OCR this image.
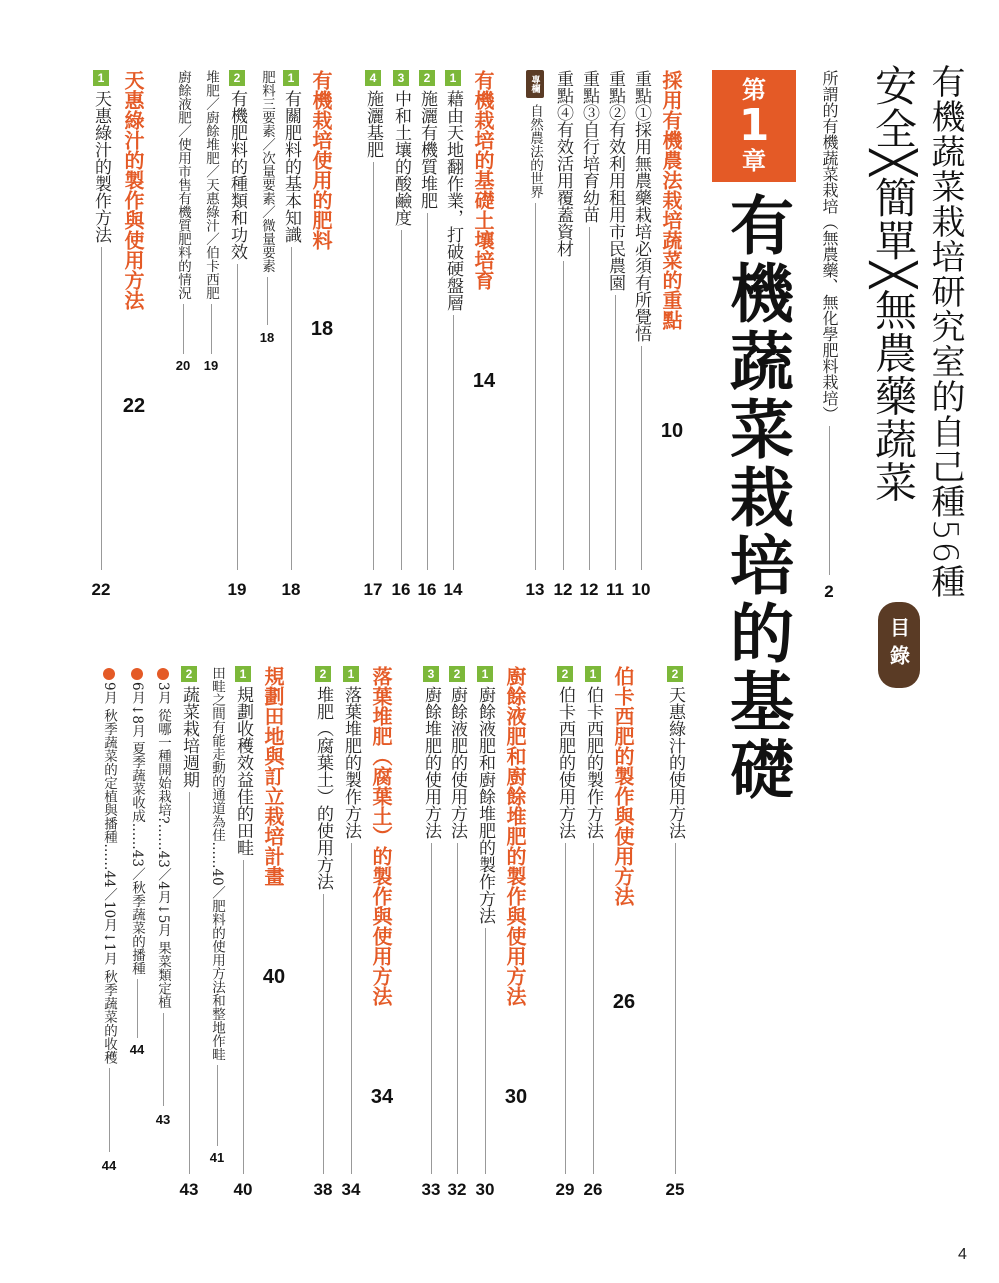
有機蔬菜栽培研究室的自己種56種
安全╳簡單╳無農藥蔬菜
目錄
所謂的有機蔬菜栽培（無農藥、無化學肥料栽培）
2
第
1
章
有機蔬菜栽培的基礎
採用有機農法栽培蔬菜的重點
10
重點①採用無農藥栽培必須有所覺悟
10
重點②有效利用租用市民農園
11
重點③自行培育幼苗
12
重點④有效活用覆蓋資材
12
專欄
自然農法的世界
13
有機栽培的基礎土壤培育
14
1
藉由天地翻作業，打破硬盤層
14
2
施灑有機質堆肥
16
3
中和土壤的酸鹼度
16
4
施灑基肥
17
有機栽培使用的肥料
18
1
有關肥料的基本知識
18
肥料三要素／次量要素／微量要素
18
2
有機肥料的種類和功效
19
堆肥／廚餘堆肥／天惠綠汁／伯卡西肥
19
廚餘液肥／使用市售有機質肥料的情況
20
天惠綠汁的製作與使用方法
22
1
天惠綠汁的製作方法
22
2
天惠綠汁的使用方法
25
伯卡西肥的製作與使用方法
26
1
伯卡西肥的製作方法
26
2
伯卡西肥的使用方法
29
廚餘液肥和廚餘堆肥的製作與使用方法
30
1
廚餘液肥和廚餘堆肥的製作方法
30
2
廚餘液肥的使用方法
32
3
廚餘堆肥的使用方法
33
落葉堆肥（腐葉土）的製作與使用方法
34
1
落葉堆肥的製作方法
34
2
堆肥（腐葉土）的使用方法
38
規劃田地與訂立栽培計畫
40
1
規劃收穫效益佳的田畦
40
田畦之間有能走動的通道為佳……40／肥料的使用方法和整地作畦
41
2
蔬菜栽培週期
43
3月 從哪一種開始栽培?……43／4月↓5月 果菜類定植
43
6月↓8月 夏季蔬菜收成……43／秋季蔬菜的播種
44
9月 秋季蔬菜的定植與播種……44／10月↓1月 秋季蔬菜的收穫
44
4
